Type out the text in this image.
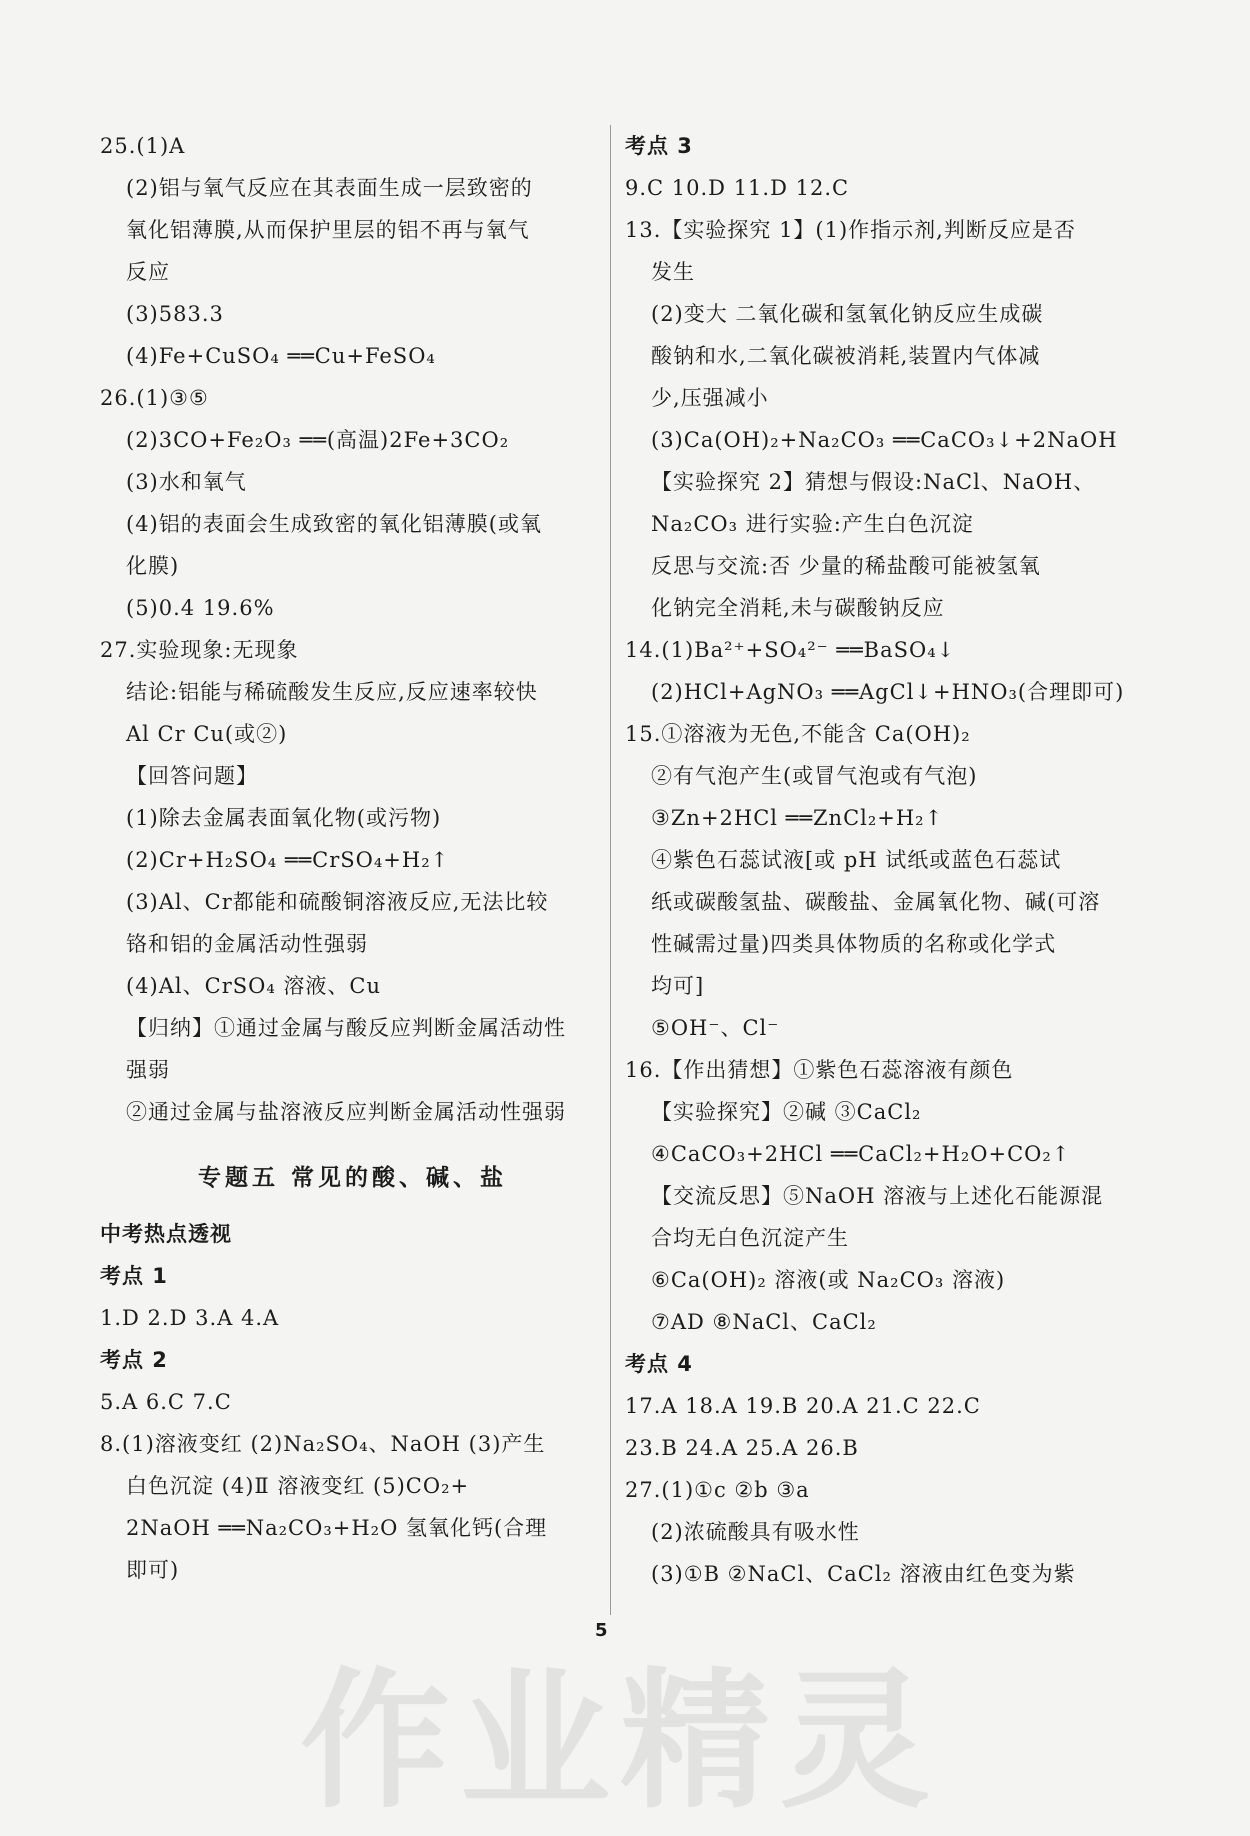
25.(1)A
(2)铝与氧气反应在其表面生成一层致密的
氧化铝薄膜,从而保护里层的铝不再与氧气
反应
(3)583.3
(4)Fe+CuSO₄ ══Cu+FeSO₄
26.(1)③⑤
(2)3CO+Fe₂O₃ ══(高温)2Fe+3CO₂
(3)水和氧气
(4)铝的表面会生成致密的氧化铝薄膜(或氧
化膜)
(5)0.4 19.6%
27.实验现象:无现象
结论:铝能与稀硫酸发生反应,反应速率较快
Al Cr Cu(或②)
【回答问题】
(1)除去金属表面氧化物(或污物)
(2)Cr+H₂SO₄ ══CrSO₄+H₂↑
(3)Al、Cr都能和硫酸铜溶液反应,无法比较
铬和铝的金属活动性强弱
(4)Al、CrSO₄ 溶液、Cu
【归纳】①通过金属与酸反应判断金属活动性
强弱
②通过金属与盐溶液反应判断金属活动性强弱
专题五 常见的酸、碱、盐
中考热点透视
考点 1
1.D 2.D 3.A 4.A
考点 2
5.A 6.C 7.C
8.(1)溶液变红 (2)Na₂SO₄、NaOH (3)产生
白色沉淀 (4)Ⅱ 溶液变红 (5)CO₂+
2NaOH ══Na₂CO₃+H₂O 氢氧化钙(合理
即可)
考点 3
9.C 10.D 11.D 12.C
13.【实验探究 1】(1)作指示剂,判断反应是否
发生
(2)变大 二氧化碳和氢氧化钠反应生成碳
酸钠和水,二氧化碳被消耗,装置内气体减
少,压强减小
(3)Ca(OH)₂+Na₂CO₃ ══CaCO₃↓+2NaOH
【实验探究 2】猜想与假设:NaCl、NaOH、
Na₂CO₃ 进行实验:产生白色沉淀
反思与交流:否 少量的稀盐酸可能被氢氧
化钠完全消耗,未与碳酸钠反应
14.(1)Ba²⁺+SO₄²⁻ ══BaSO₄↓
(2)HCl+AgNO₃ ══AgCl↓+HNO₃(合理即可)
15.①溶液为无色,不能含 Ca(OH)₂
②有气泡产生(或冒气泡或有气泡)
③Zn+2HCl ══ZnCl₂+H₂↑
④紫色石蕊试液[或 pH 试纸或蓝色石蕊试
纸或碳酸氢盐、碳酸盐、金属氧化物、碱(可溶
性碱需过量)四类具体物质的名称或化学式
均可]
⑤OH⁻、Cl⁻
16.【作出猜想】①紫色石蕊溶液有颜色
【实验探究】②碱 ③CaCl₂
④CaCO₃+2HCl ══CaCl₂+H₂O+CO₂↑
【交流反思】⑤NaOH 溶液与上述化石能源混
合均无白色沉淀产生
⑥Ca(OH)₂ 溶液(或 Na₂CO₃ 溶液)
⑦AD ⑧NaCl、CaCl₂
考点 4
17.A 18.A 19.B 20.A 21.C 22.C
23.B 24.A 25.A 26.B
27.(1)①c ②b ③a
(2)浓硫酸具有吸水性
(3)①B ②NaCl、CaCl₂ 溶液由红色变为紫
作业精灵
5
